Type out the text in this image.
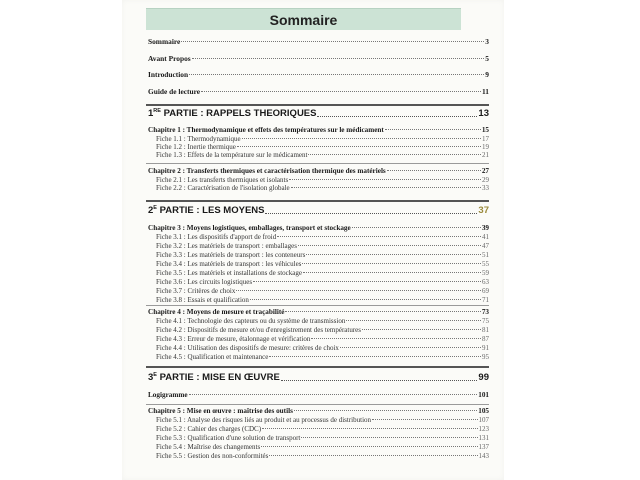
Sommaire
Sommaire	3
Avant Propos	5
Introduction	9
Guide de lecture	11
1RE PARTIE : RAPPELS THEORIQUES	13
Chapitre 1 : Thermodynamique et effets des températures sur le médicament	15
Fiche 1.1 : Thermodynamique	17
Fiche 1.2 : Inertie thermique	19
Fiche 1.3 : Effets de la température sur le médicament	21
Chapitre 2 : Transferts thermiques et caractérisation thermique des matériels	27
Fiche 2.1 : Les transferts thermiques et isolants	29
Fiche 2.2 : Caractérisation de l'isolation globale	33
$2^E$ PARTIE : LES MOYENS	37
Chapitre 3 : Moyens logistiques, emballages, transport et stockage	39
Fiche 3.1 : Les dispositifs d'apport de froid	41
Fiche 3.2 : Les matériels de transport : emballages	47
Fiche 3.3 : Les matériels de transport : les conteneurs	51
Fiche 3.4 : Les matériels de transport : les véhicules	55
Fiche 3.5 : Les matériels et installations de stockage	59
Fiche 3.6 : Les circuits logistiques	63
Fiche 3.7 : Critères de choix	69
Fiche 3.8 : Essais et qualification	71
Chapitre 4 : Moyens de mesure et traçabilité	73
Fiche 4.1 : Technologie des capteurs ou du système de transmission	75
Fiche 4.2 : Dispositifs de mesure et/ou d'enregistrement des températures	81
Fiche 4.3 : Erreur de mesure, étalonnage et vérification	87
Fiche 4.4 : Utilisation des dispositifs de mesure: critères de choix	91
Fiche 4.5 : Qualification et maintenance	95
$3^E$ PARTIE : MISE EN ŒUVRE	99
Logigramme	101
Chapitre 5 : Mise en œuvre : maîtrise des outils	105
Fiche 5.1 : Analyse des risques liés au produit et au processus de distribution	107
Fiche 5.2 : Cahier des charges (CDC)	123
Fiche 5.3 : Qualification d'une solution de transport	131
Fiche 5.4 : Maîtrise des changements	137
Fiche 5.5 : Gestion des non-conformités	143
